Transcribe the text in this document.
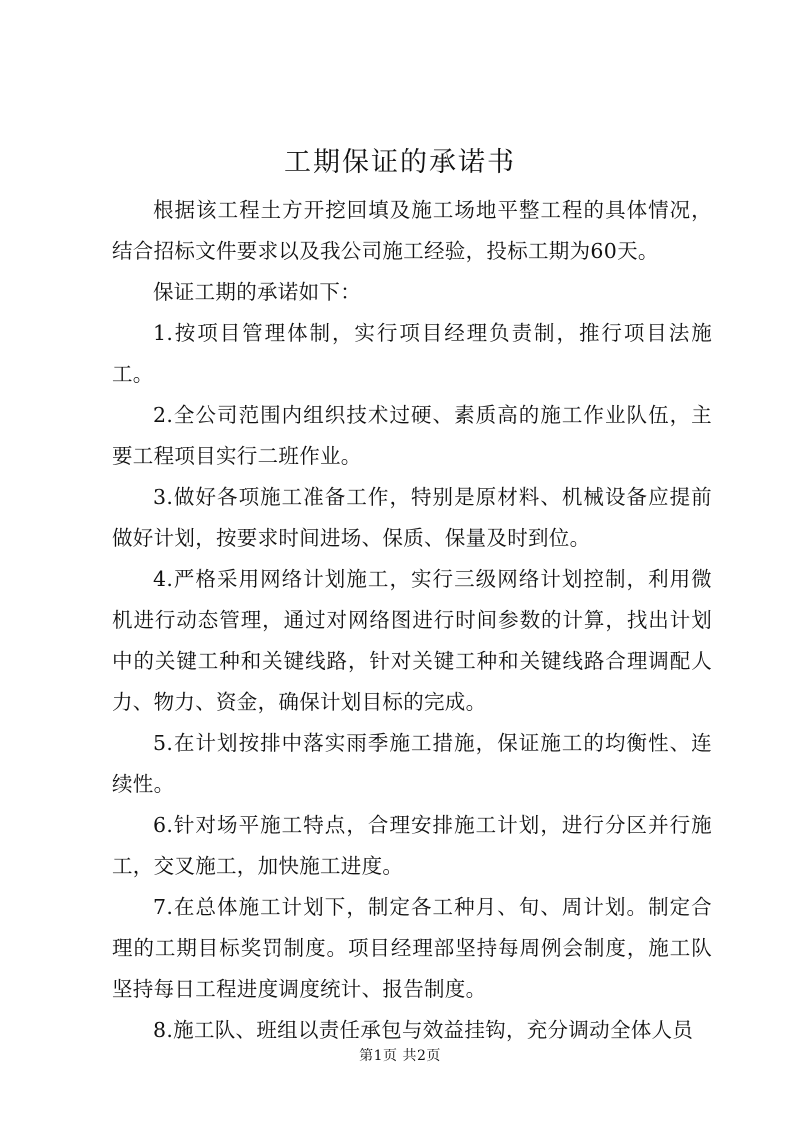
工期保证的承诺书

根据该工程土方开挖回填及施工场地平整工程的具体情况，结合招标文件要求以及我公司施工经验，投标工期为60天。

保证工期的承诺如下：

1.按项目管理体制，实行项目经理负责制，推行项目法施工。

2.全公司范围内组织技术过硬、素质高的施工作业队伍，主要工程项目实行二班作业。

3.做好各项施工准备工作，特别是原材料、机械设备应提前做好计划，按要求时间进场、保质、保量及时到位。

4.严格采用网络计划施工，实行三级网络计划控制，利用微机进行动态管理，通过对网络图进行时间参数的计算，找出计划中的关键工种和关键线路，针对关键工种和关键线路合理调配人力、物力、资金，确保计划目标的完成。

5.在计划按排中落实雨季施工措施，保证施工的均衡性、连续性。

6.针对场平施工特点，合理安排施工计划，进行分区并行施工，交叉施工，加快施工进度。

7.在总体施工计划下，制定各工种月、旬、周计划。制定合理的工期目标奖罚制度。项目经理部坚持每周例会制度，施工队坚持每日工程进度调度统计、报告制度。

8.施工队、班组以责任承包与效益挂钩，充分调动全体人员

第1页 共2页
